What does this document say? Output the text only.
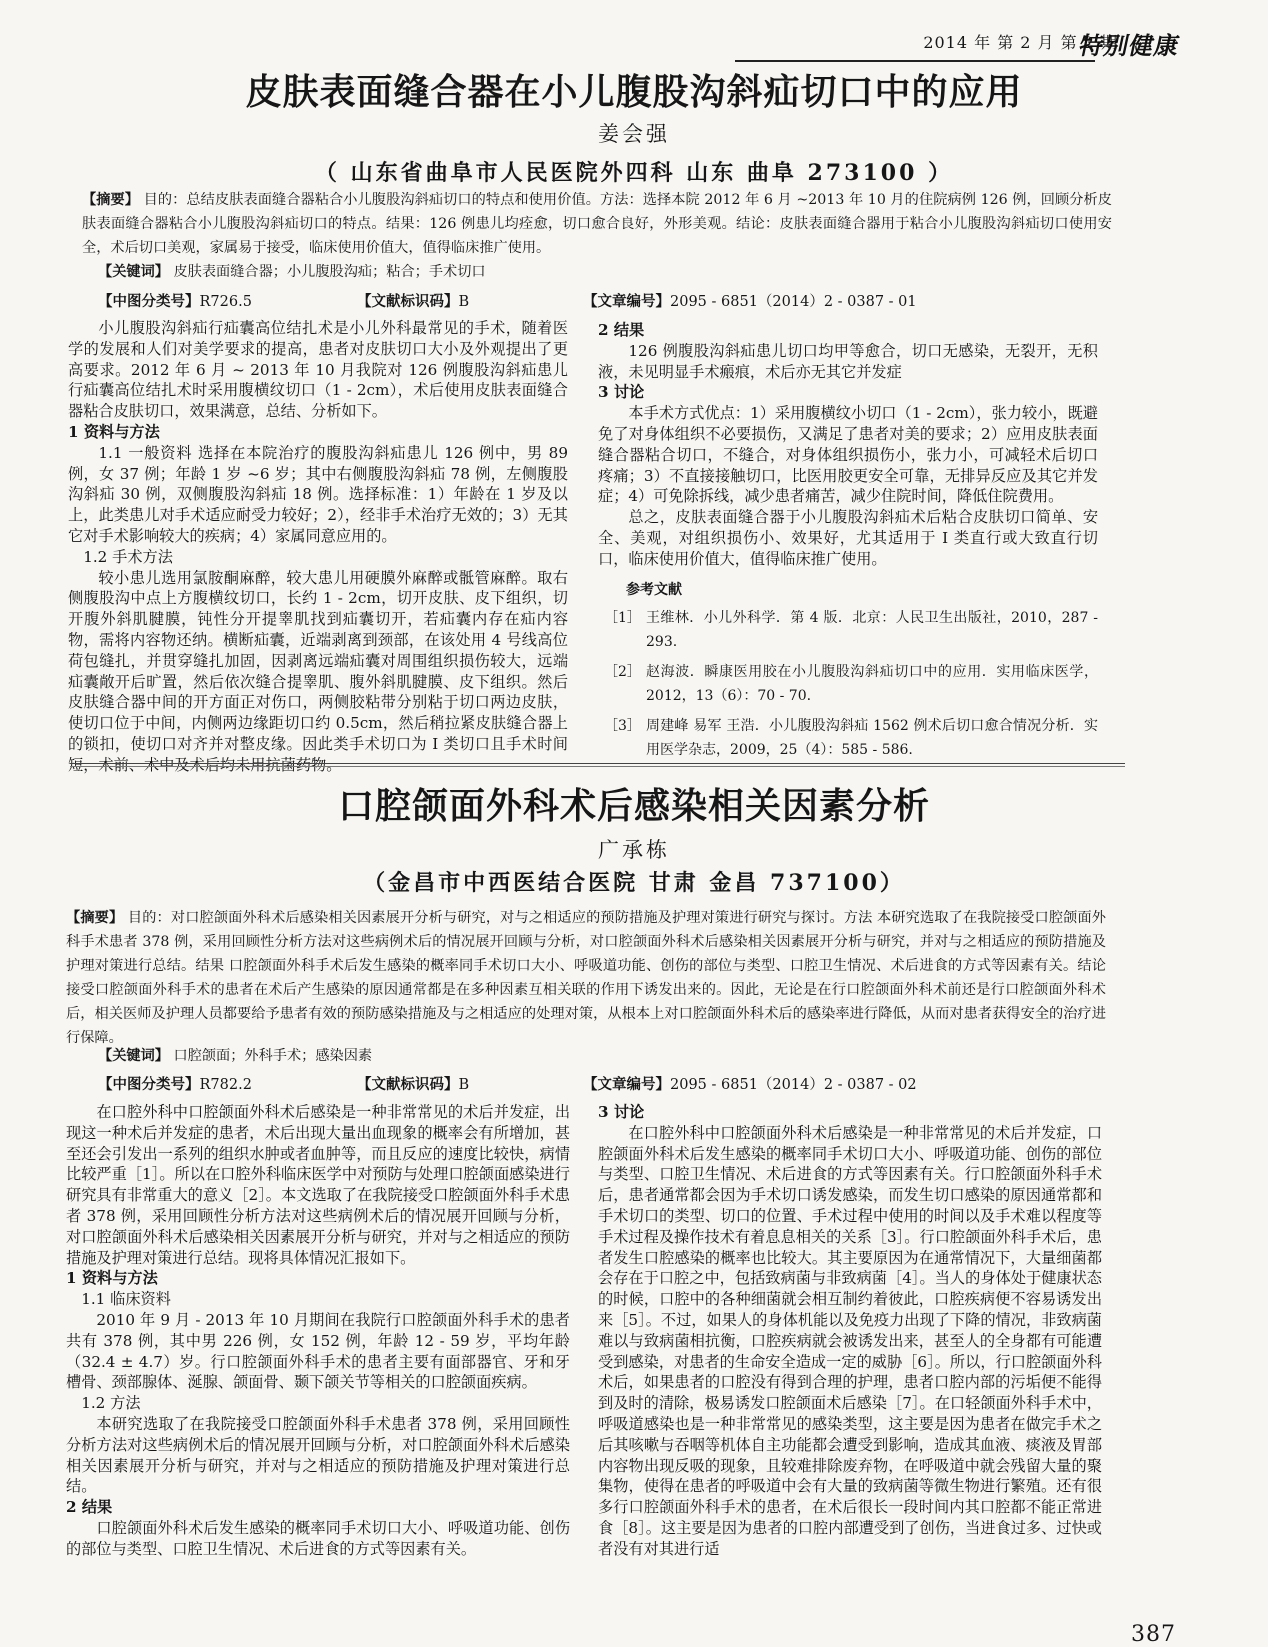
2014 年 第 2 月 第 2 期
特别健康
皮肤表面缝合器在小儿腹股沟斜疝切口中的应用
姜会强
（ 山东省曲阜市人民医院外四科 山东 曲阜 273100 ）
【摘要】 目的：总结皮肤表面缝合器粘合小儿腹股沟斜疝切口的特点和使用价值。方法：选择本院 2012 年 6 月 ~2013 年 10 月的住院病例 126 例，回顾分析皮肤表面缝合器粘合小儿腹股沟斜疝切口的特点。结果：126 例患儿均痊愈，切口愈合良好，外形美观。结论：皮肤表面缝合器用于粘合小儿腹股沟斜疝切口使用安全，术后切口美观，家属易于接受，临床使用价值大，值得临床推广使用。
【关键词】 皮肤表面缝合器；小儿腹股沟疝；粘合；手术切口
【中图分类号】R726.5	【文献标识码】B	【文章编号】2095 - 6851（2014）2 - 0387 - 01

小儿腹股沟斜疝行疝囊高位结扎术是小儿外科最常见的手术，随着医学的发展和人们对美学要求的提高，患者对皮肤切口大小及外观提出了更高要求。2012 年 6 月 ~ 2013 年 10 月我院对 126 例腹股沟斜疝患儿行疝囊高位结扎术时采用腹横纹切口（1 - 2cm），术后使用皮肤表面缝合器粘合皮肤切口，效果满意，总结、分析如下。

1 资料与方法

1.1 一般资料 选择在本院治疗的腹股沟斜疝患儿 126 例中，男 89 例，女 37 例；年龄 1 岁 ~6 岁；其中右侧腹股沟斜疝 78 例，左侧腹股沟斜疝 30 例，双侧腹股沟斜疝 18 例。选择标准：1）年龄在 1 岁及以上，此类患儿对手术适应耐受力较好；2），经非手术治疗无效的；3）无其它对手术影响较大的疾病；4）家属同意应用的。

1.2 手术方法

较小患儿选用氯胺酮麻醉，较大患儿用硬膜外麻醉或骶管麻醉。取右侧腹股沟中点上方腹横纹切口，长约 1 - 2cm，切开皮肤、皮下组织，切开腹外斜肌腱膜，钝性分开提睾肌找到疝囊切开，若疝囊内存在疝内容物，需将内容物还纳。横断疝囊，近端剥离到颈部，在该处用 4 号线高位荷包缝扎，并贯穿缝扎加固，因剥离远端疝囊对周围组织损伤较大，远端疝囊敞开后旷置，然后依次缝合提睾肌、腹外斜肌腱膜、皮下组织。然后皮肤缝合器中间的开方面正对伤口，两侧胶粘带分别粘于切口两边皮肤，使切口位于中间，内侧两边缘距切口约 0.5cm，然后稍拉紧皮肤缝合器上的锁扣，使切口对齐并对整皮缘。因此类手术切口为 I 类切口且手术时间短，术前、术中及术后均未用抗菌药物。

2 结果

126 例腹股沟斜疝患儿切口均甲等愈合，切口无感染，无裂开，无积液，未见明显手术瘢痕，术后亦无其它并发症

3 讨论

本手术方式优点：1）采用腹横纹小切口（1 - 2cm），张力较小，既避免了对身体组织不必要损伤，又满足了患者对美的要求；2）应用皮肤表面缝合器粘合切口，不缝合，对身体组织损伤小，张力小，可减轻术后切口疼痛；3）不直接接触切口，比医用胶更安全可靠，无排异反应及其它并发症；4）可免除拆线，减少患者痛苦，减少住院时间，降低住院费用。

总之，皮肤表面缝合器于小儿腹股沟斜疝术后粘合皮肤切口简单、安全、美观，对组织损伤小、效果好，尤其适用于 I 类直行或大致直行切口，临床使用价值大，值得临床推广使用。

参考文献

［1］ 王维林．小儿外科学．第 4 版．北京：人民卫生出版社，2010，287 - 293.

［2］ 赵海波．瞬康医用胶在小儿腹股沟斜疝切口中的应用．实用临床医学，2012，13（6）：70 - 70.

［3］ 周建峰 易军 王浩．小儿腹股沟斜疝 1562 例术后切口愈合情况分析．实用医学杂志，2009，25（4）：585 - 586.

口腔颌面外科术后感染相关因素分析
广承栋
（金昌市中西医结合医院 甘肃 金昌 737100）
【摘要】 目的：对口腔颌面外科术后感染相关因素展开分析与研究，对与之相适应的预防措施及护理对策进行研究与探讨。方法 本研究选取了在我院接受口腔颌面外科手术患者 378 例，采用回顾性分析方法对这些病例术后的情况展开回顾与分析，对口腔颌面外科术后感染相关因素展开分析与研究，并对与之相适应的预防措施及护理对策进行总结。结果 口腔颌面外科手术后发生感染的概率同手术切口大小、呼吸道功能、创伤的部位与类型、口腔卫生情况、术后进食的方式等因素有关。结论 接受口腔颌面外科手术的患者在术后产生感染的原因通常都是在多种因素互相关联的作用下诱发出来的。因此，无论是在行口腔颌面外科术前还是行口腔颌面外科术后，相关医师及护理人员都要给予患者有效的预防感染措施及与之相适应的处理对策，从根本上对口腔颌面外科术后的感染率进行降低，从而对患者获得安全的治疗进行保障。
【关键词】 口腔颌面；外科手术；感染因素
【中图分类号】R782.2	【文献标识码】B	【文章编号】2095 - 6851（2014）2 - 0387 - 02

在口腔外科中口腔颌面外科术后感染是一种非常常见的术后并发症，出现这一种术后并发症的患者，术后出现大量出血现象的概率会有所增加，甚至还会引发出一系列的组织水肿或者血肿等，而且反应的速度比较快，病情比较严重［1］。所以在口腔外科临床医学中对预防与处理口腔颌面感染进行研究具有非常重大的意义［2］。本文选取了在我院接受口腔颌面外科手术患者 378 例，采用回顾性分析方法对这些病例术后的情况展开回顾与分析，对口腔颌面外科术后感染相关因素展开分析与研究，并对与之相适应的预防措施及护理对策进行总结。现将具体情况汇报如下。

1 资料与方法

1.1 临床资料

2010 年 9 月 - 2013 年 10 月期间在我院行口腔颌面外科手术的患者共有 378 例，其中男 226 例，女 152 例，年龄 12 - 59 岁，平均年龄（32.4 ± 4.7）岁。行口腔颌面外科手术的患者主要有面部器官、牙和牙槽骨、颈部腺体、涎腺、颌面骨、颞下颌关节等相关的口腔颌面疾病。

1.2 方法

本研究选取了在我院接受口腔颌面外科手术患者 378 例，采用回顾性分析方法对这些病例术后的情况展开回顾与分析，对口腔颌面外科术后感染相关因素展开分析与研究，并对与之相适应的预防措施及护理对策进行总结。

2 结果

口腔颌面外科术后发生感染的概率同手术切口大小、呼吸道功能、创伤的部位与类型、口腔卫生情况、术后进食的方式等因素有关。

3 讨论

在口腔外科中口腔颌面外科术后感染是一种非常常见的术后并发症，口腔颌面外科术后发生感染的概率同手术切口大小、呼吸道功能、创伤的部位与类型、口腔卫生情况、术后进食的方式等因素有关。行口腔颌面外科手术后，患者通常都会因为手术切口诱发感染，而发生切口感染的原因通常都和手术切口的类型、切口的位置、手术过程中使用的时间以及手术难以程度等手术过程及操作技术有着息息相关的关系［3］。行口腔颌面外科手术后，患者发生口腔感染的概率也比较大。其主要原因为在通常情况下，大量细菌都会存在于口腔之中，包括致病菌与非致病菌［4］。当人的身体处于健康状态的时候，口腔中的各种细菌就会相互制约着彼此，口腔疾病便不容易诱发出来［5］。不过，如果人的身体机能以及免疫力出现了下降的情况，非致病菌难以与致病菌相抗衡，口腔疾病就会被诱发出来，甚至人的全身都有可能遭受到感染，对患者的生命安全造成一定的威胁［6］。所以，行口腔颌面外科术后，如果患者的口腔没有得到合理的护理，患者口腔内部的污垢便不能得到及时的清除，极易诱发口腔颌面术后感染［7］。在口轻颌面外科手术中，呼吸道感染也是一种非常常见的感染类型，这主要是因为患者在做完手术之后其咳嗽与吞咽等机体自主功能都会遭受到影响，造成其血液、痰液及胃部内容物出现反吸的现象，且较难排除废弃物，在呼吸道中就会残留大量的聚集物，使得在患者的呼吸道中会有大量的致病菌等微生物进行繁殖。还有很多行口腔颌面外科手术的患者，在术后很长一段时间内其口腔都不能正常进食［8］。这主要是因为患者的口腔内部遭受到了创伤，当进食过多、过快或者没有对其进行适

387
